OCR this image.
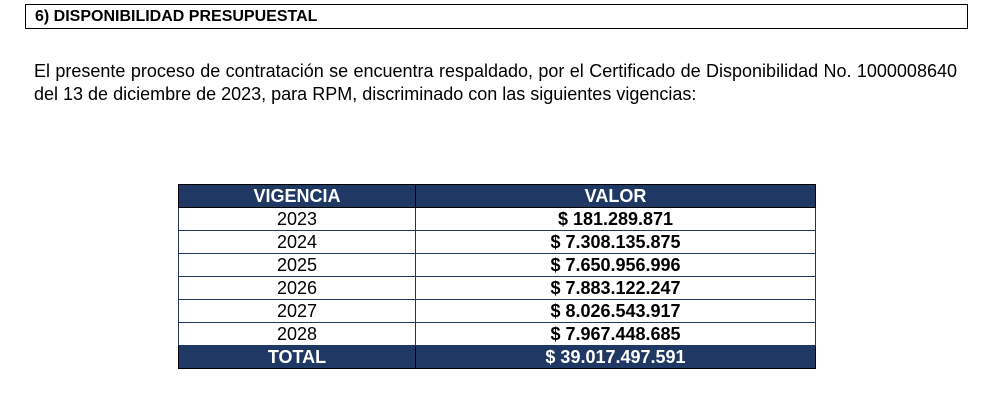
6) DISPONIBILIDAD PRESUPUESTAL
El presente proceso de contratación se encuentra respaldado, por el Certificado de Disponibilidad No. 1000008640 del 13 de diciembre de 2023, para RPM, discriminado con las siguientes vigencias:
VIGENCIA	VALOR
2023	$ 181.289.871
2024	$ 7.308.135.875
2025	$ 7.650.956.996
2026	$ 7.883.122.247
2027	$ 8.026.543.917
2028	$ 7.967.448.685
TOTAL	$ 39.017.497.591
